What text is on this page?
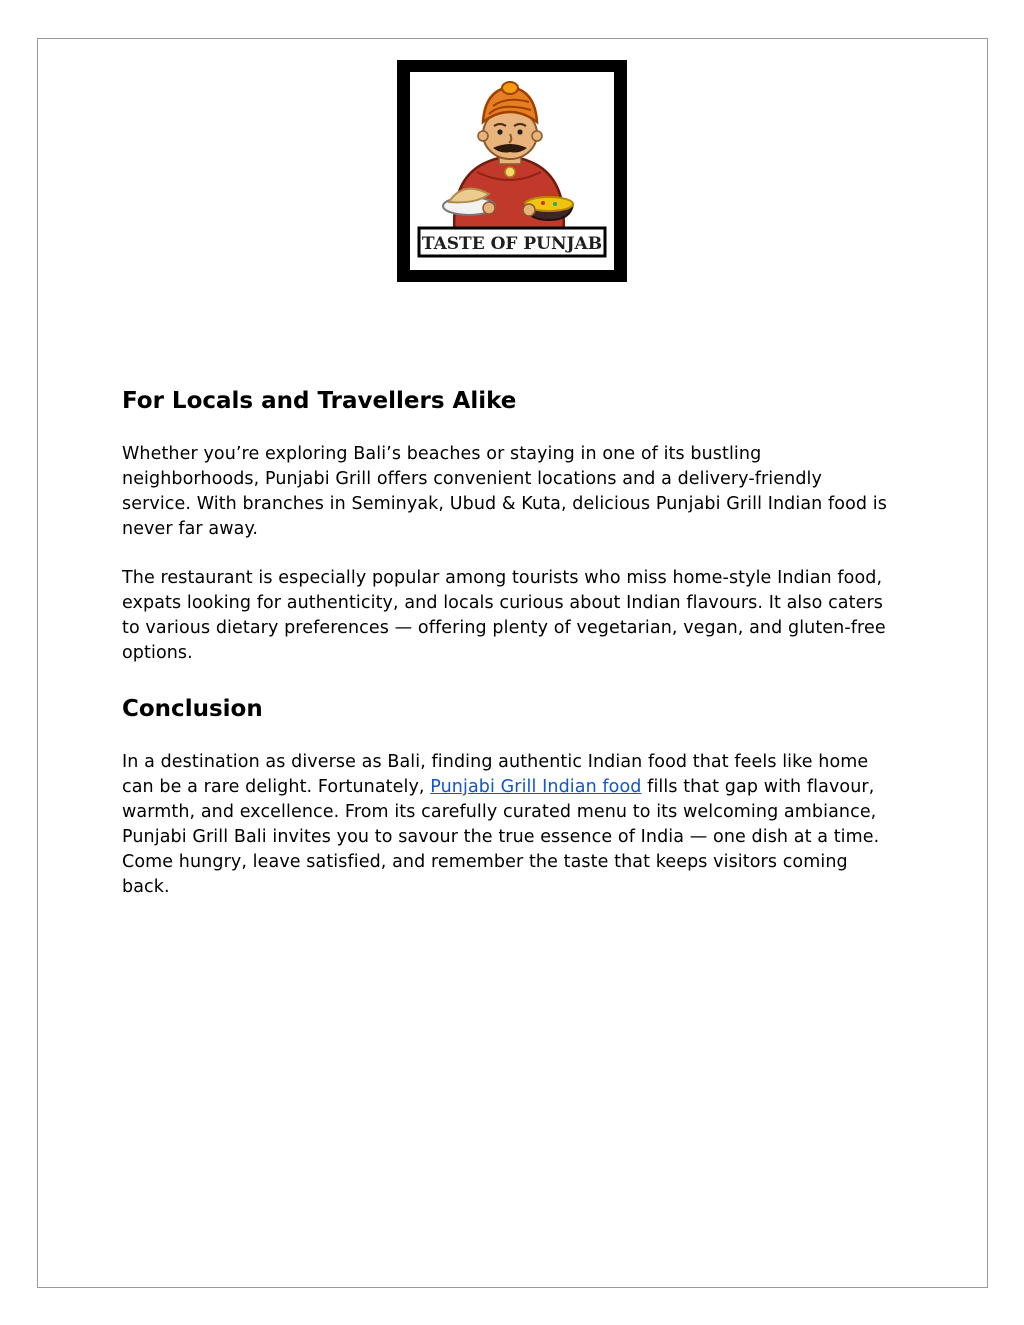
TASTE OF PUNJAB
For Locals and Travellers Alike

Whether you’re exploring Bali’s beaches or staying in one of its bustling neighborhoods, Punjabi Grill offers convenient locations and a delivery-friendly service. With branches in Seminyak, Ubud & Kuta, delicious Punjabi Grill Indian food is never far away.

The restaurant is especially popular among tourists who miss home-style Indian food, expats looking for authenticity, and locals curious about Indian flavours. It also caters to various dietary preferences — offering plenty of vegetarian, vegan, and gluten-free options.

Conclusion

In a destination as diverse as Bali, finding authentic Indian food that feels like home can be a rare delight. Fortunately, Punjabi Grill Indian food fills that gap with flavour, warmth, and excellence. From its carefully curated menu to its welcoming ambiance, Punjabi Grill Bali invites you to savour the true essence of India — one dish at a time. Come hungry, leave satisfied, and remember the taste that keeps visitors coming back.
